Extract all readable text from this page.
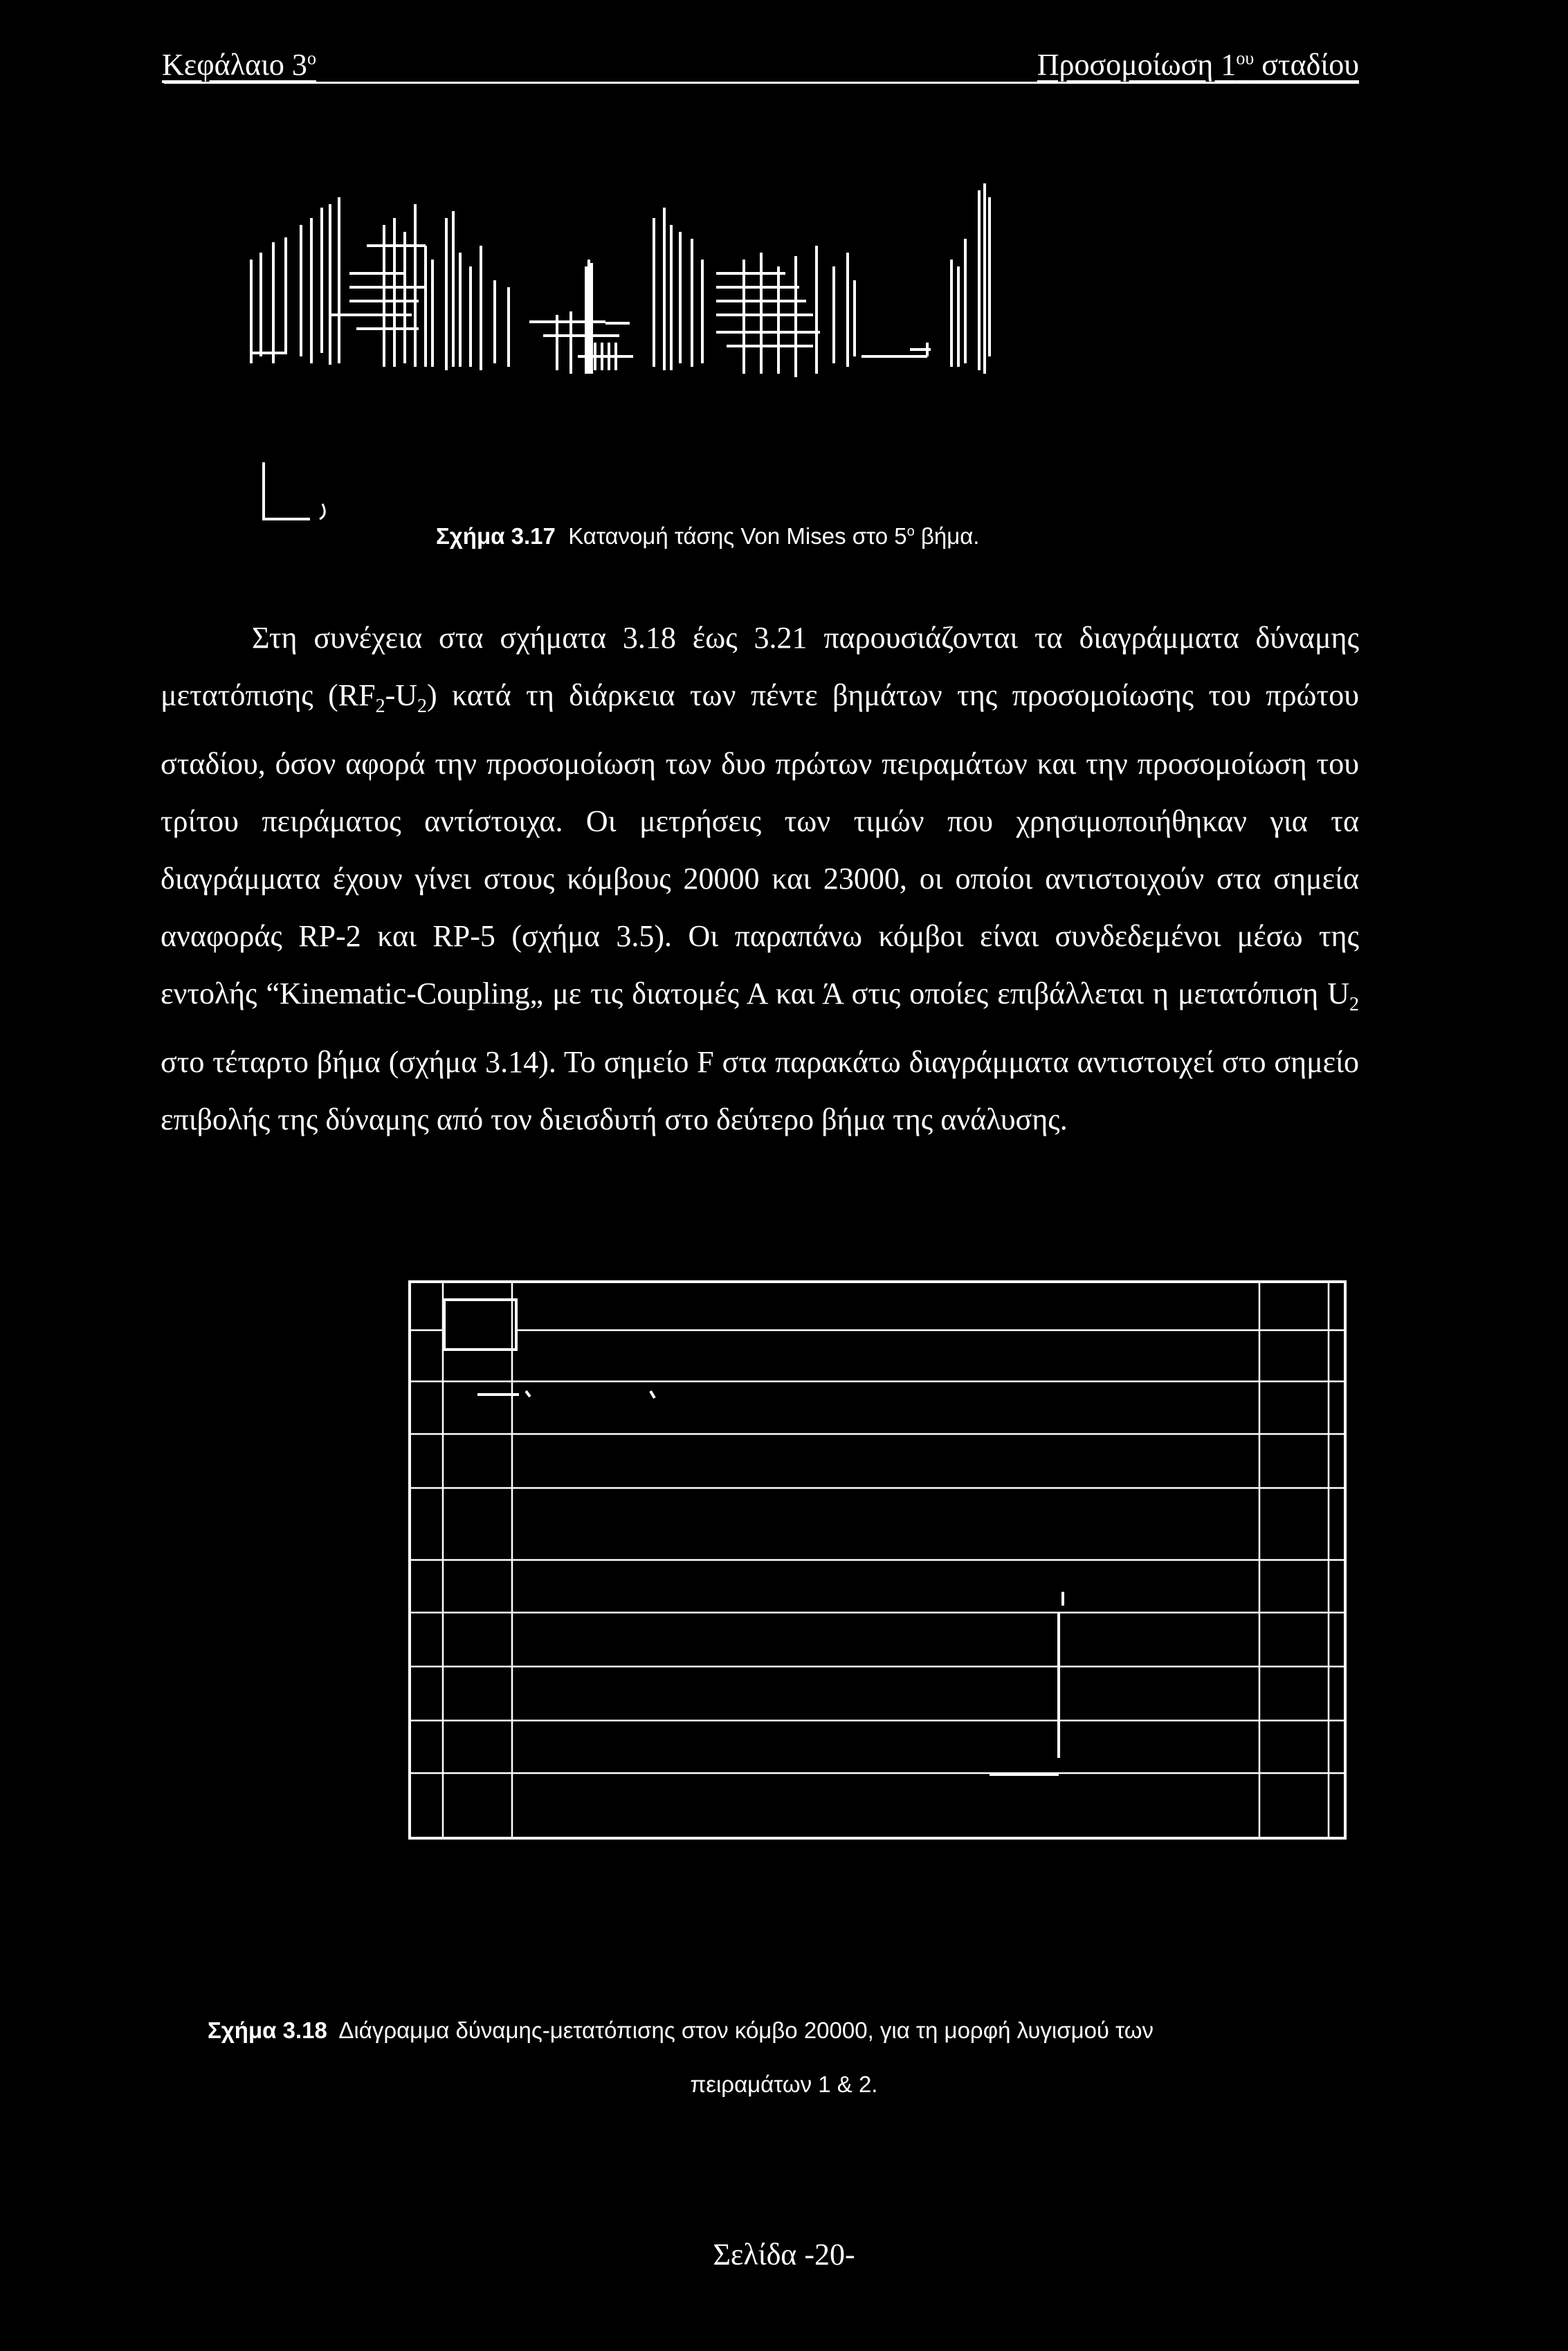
Κεφάλαιο $3^o$	Προσομοίωση $1^{o\upsilon}$ σταδίου
Σχήμα 3.17 Κατανομή τάσης Von Mises στο $5^o$ βήμα.
Στη συνέχεια στα σχήματα 3.18 έως 3.21 παρουσιάζονται τα διαγράμματα δύναμης μετατόπισης $(RF_2-U_2)$ κατά τη διάρκεια των πέντε βημάτων της προσομοίωσης του πρώτου σταδίου, όσον αφορά την προσομοίωση των δυο πρώτων πειραμάτων και την προσομοίωση του τρίτου πειράματος αντίστοιχα. Οι μετρήσεις των τιμών που χρησιμοποιήθηκαν για τα διαγράμματα έχουν γίνει στους κόμβους 20000 και 23000, οι οποίοι αντιστοιχούν στα σημεία αναφοράς RP-2 και RP-5 (σχήμα 3.5). Οι παραπάνω κόμβοι είναι συνδεδεμένοι μέσω της εντολής “Kinematic-Coupling„ με τις διατομές Α και Ά στις οποίες επιβάλλεται η μετατόπιση $U_2$ στο τέταρτο βήμα (σχήμα 3.14). Το σημείο F στα παρακάτω διαγράμματα αντιστοιχεί στο σημείο επιβολής της δύναμης από τον διεισδυτή στο δεύτερο βήμα της ανάλυσης.
Σχήμα 3.18 Διάγραμμα δύναμης-μετατόπισης στον κόμβο 20000, για τη μορφή λυγισμού των
πειραμάτων 1 & 2.
Σελίδα -20-
